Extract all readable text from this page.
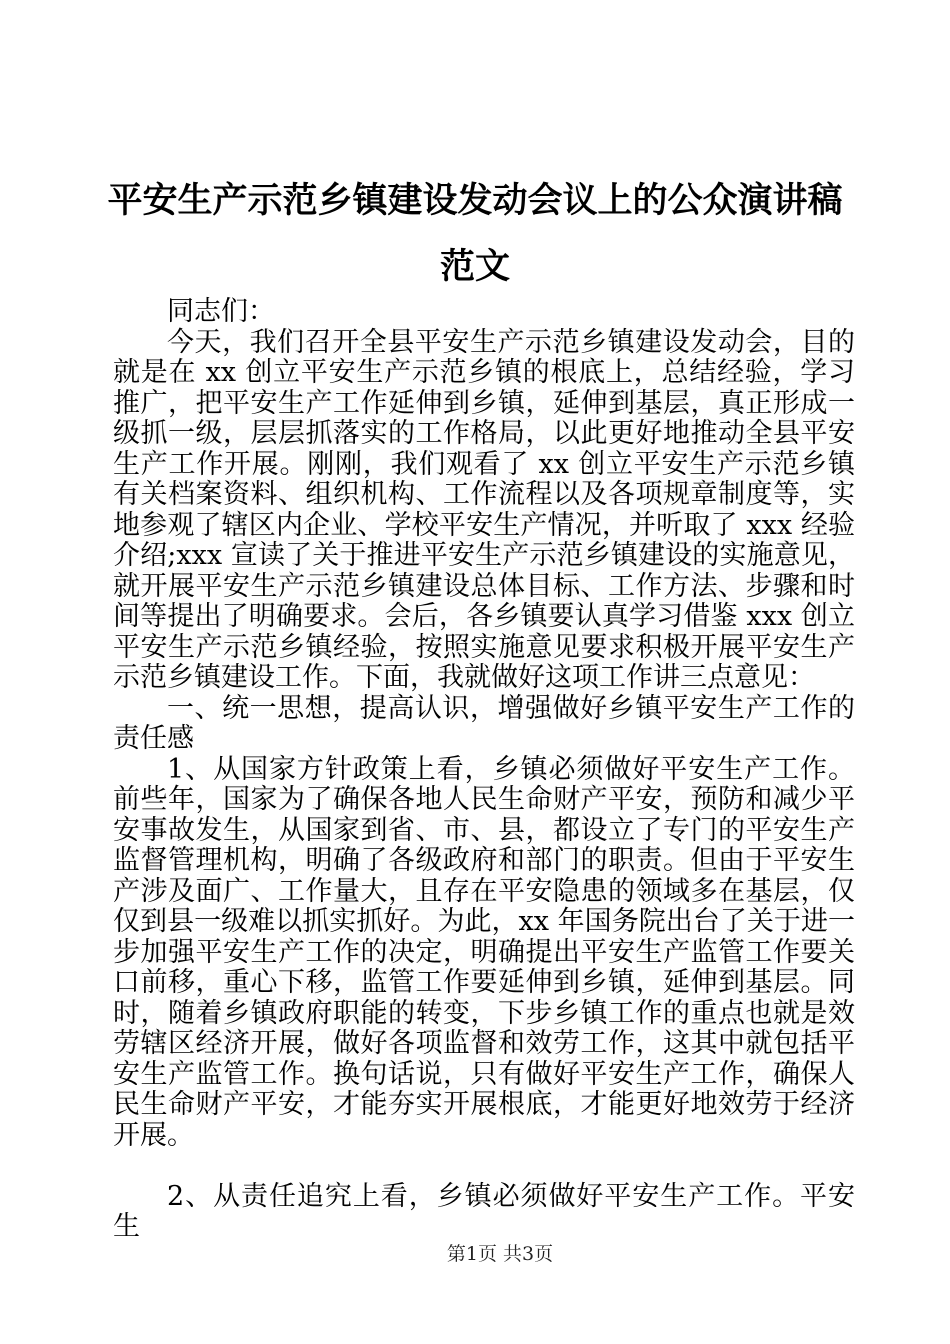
平安生产示范乡镇建设发动会议上的公众演讲稿范文

同志们：

今天，我们召开全县平安生产示范乡镇建设发动会，目的就是在 xx 创立平安生产示范乡镇的根底上，总结经验，学习推广，把平安生产工作延伸到乡镇，延伸到基层，真正形成一级抓一级，层层抓落实的工作格局，以此更好地推动全县平安生产工作开展。刚刚，我们观看了 xx 创立平安生产示范乡镇有关档案资料、组织机构、工作流程以及各项规章制度等，实地参观了辖区内企业、学校平安生产情况，并听取了 xxx 经验介绍;xxx 宣读了关于推进平安生产示范乡镇建设的实施意见，就开展平安生产示范乡镇建设总体目标、工作方法、步骤和时间等提出了明确要求。会后，各乡镇要认真学习借鉴 xxx 创立平安生产示范乡镇经验，按照实施意见要求积极开展平安生产示范乡镇建设工作。下面，我就做好这项工作讲三点意见：

一、统一思想，提高认识，增强做好乡镇平安生产工作的责任感

1、从国家方针政策上看，乡镇必须做好平安生产工作。前些年，国家为了确保各地人民生命财产平安，预防和减少平安事故发生，从国家到省、市、县，都设立了专门的平安生产监督管理机构，明确了各级政府和部门的职责。但由于平安生产涉及面广、工作量大，且存在平安隐患的领域多在基层，仅仅到县一级难以抓实抓好。为此，xx 年国务院出台了关于进一步加强平安生产工作的决定，明确提出平安生产监管工作要关口前移，重心下移，监管工作要延伸到乡镇，延伸到基层。同时，随着乡镇政府职能的转变，下步乡镇工作的重点也就是效劳辖区经济开展，做好各项监督和效劳工作，这其中就包括平安生产监管工作。换句话说，只有做好平安生产工作，确保人民生命财产平安，才能夯实开展根底，才能更好地效劳于经济开展。

2、从责任追究上看，乡镇必须做好平安生产工作。平安生

第1页 共3页
